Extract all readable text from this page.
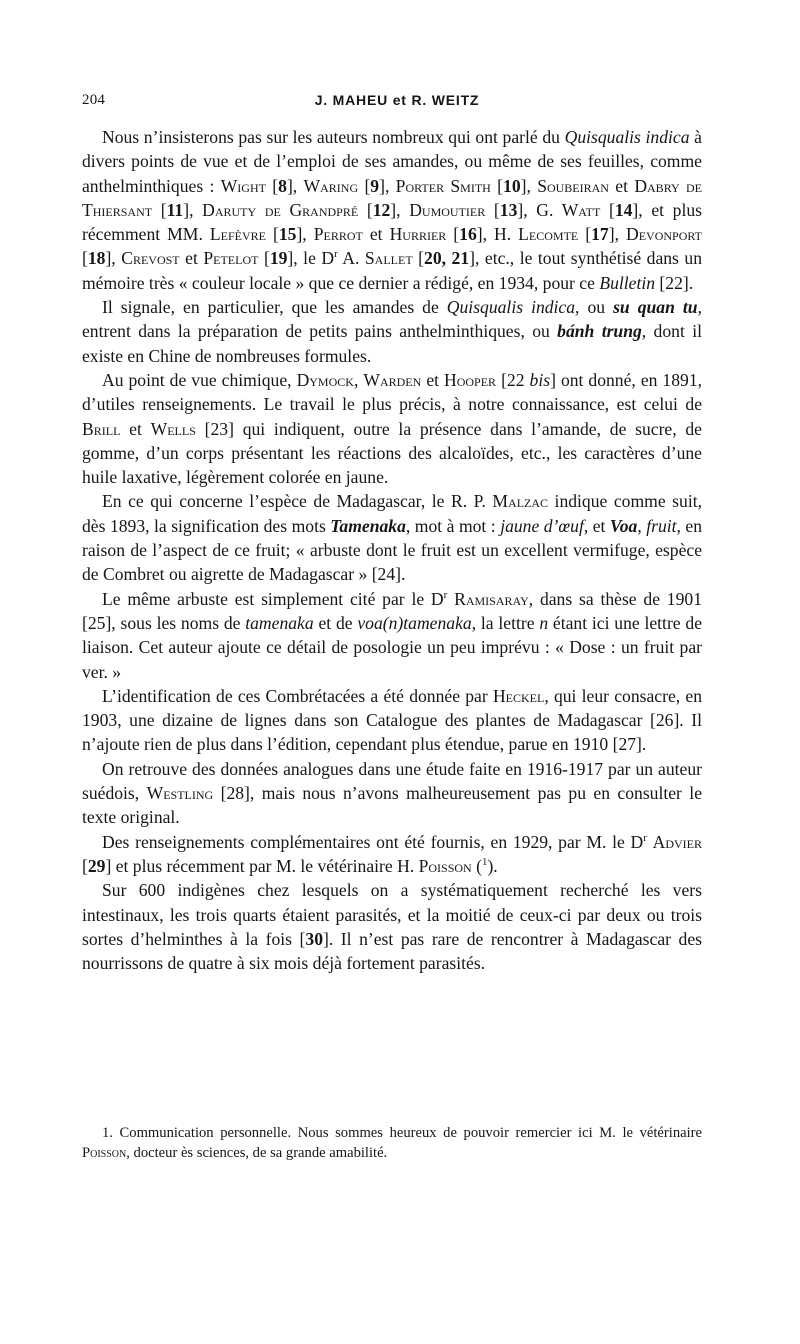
204	J. MAHEU et R. WEITZ

Nous n’insisterons pas sur les auteurs nombreux qui ont parlé du Quisqualis indica à divers points de vue et de l’emploi de ses amandes, ou même de ses feuilles, comme anthelminthiques : Wight [8], Waring [9], Porter Smith [10], Soubeiran et Dabry de Thiersant [11], Daruty de Grandpré [12], Dumoutier [13], G. Watt [14], et plus récemment MM. Lefèvre [15], Perrot et Hurrier [16], H. Lecomte [17], Devonport [18], Crevost et Petelot [19], le $D^r$ A. Sallet [20, 21], etc., le tout synthétisé dans un mémoire très « couleur locale » que ce dernier a rédigé, en 1934, pour ce Bulletin [22].

Il signale, en particulier, que les amandes de Quisqualis indica, ou su quan tu, entrent dans la préparation de petits pains anthelminthiques, ou bánh trung, dont il existe en Chine de nombreuses formules.

Au point de vue chimique, Dymock, Warden et Hooper [22 bis] ont donné, en 1891, d’utiles renseignements. Le travail le plus précis, à notre connaissance, est celui de Brill et Wells [23] qui indiquent, outre la présence dans l’amande, de sucre, de gomme, d’un corps présentant les réactions des alcaloïdes, etc., les caractères d’une huile laxative, légèrement colorée en jaune.

En ce qui concerne l’espèce de Madagascar, le R. P. Malzac indique comme suit, dès 1893, la signification des mots Tamenaka, mot à mot : jaune d’œuf, et Voa, fruit, en raison de l’aspect de ce fruit; « arbuste dont le fruit est un excellent vermifuge, espèce de Combret ou aigrette de Madagascar » [24].

Le même arbuste est simplement cité par le $D^r$ Ramisaray, dans sa thèse de 1901 [25], sous les noms de tamenaka et de voa(n)tamenaka, la lettre n étant ici une lettre de liaison. Cet auteur ajoute ce détail de posologie un peu imprévu : « Dose : un fruit par ver. »

L’identification de ces Combrétacées a été donnée par Heckel, qui leur consacre, en 1903, une dizaine de lignes dans son Catalogue des plantes de Madagascar [26]. Il n’ajoute rien de plus dans l’édition, cependant plus étendue, parue en 1910 [27].

On retrouve des données analogues dans une étude faite en 1916-1917 par un auteur suédois, Westling [28], mais nous n’avons malheureusement pas pu en consulter le texte original.

Des renseignements complémentaires ont été fournis, en 1929, par M. le $D^r$ Advier [29] et plus récemment par M. le vétérinaire H. Poisson ($^1$).

Sur 600 indigènes chez lesquels on a systématiquement recherché les vers intestinaux, les trois quarts étaient parasités, et la moitié de ceux-ci par deux ou trois sortes d’helminthes à la fois [30]. Il n’est pas rare de rencontrer à Madagascar des nourrissons de quatre à six mois déjà fortement parasités.

1. Communication personnelle. Nous sommes heureux de pouvoir remercier ici M. le vétérinaire Poisson, docteur ès sciences, de sa grande amabilité.
